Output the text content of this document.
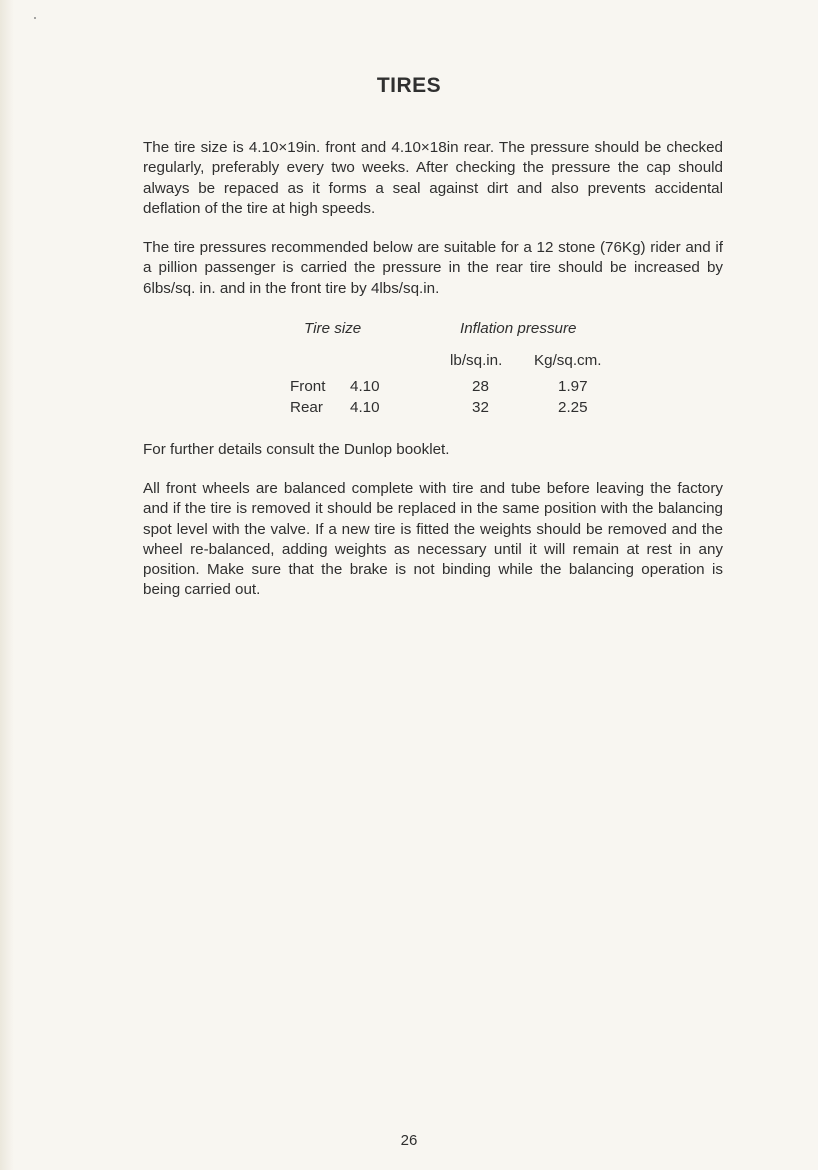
TIRES

The tire size is 4.10×19in. front and 4.10×18in rear. The pressure should be checked regularly, preferably every two weeks. After checking the pressure the cap should always be repaced as it forms a seal against dirt and also prevents accidental deflation of the tire at high speeds.

The tire pressures recommended below are suitable for a 12 stone (76Kg) rider and if a pillion passenger is carried the pressure in the rear tire should be increased by 6lbs/sq. in. and in the front tire by 4lbs/sq.in.

Tire size	Inflation pressure
lb/sq.in. Kg/sq.cm.
Front 4.10	28	1.97
Rear 4.10	32	2.25

For further details consult the Dunlop booklet.

All front wheels are balanced complete with tire and tube before leaving the factory and if the tire is removed it should be replaced in the same position with the balancing spot level with the valve. If a new tire is fitted the weights should be removed and the wheel re-balanced, adding weights as necessary until it will remain at rest in any position. Make sure that the brake is not binding while the balancing operation is being carried out.

26
